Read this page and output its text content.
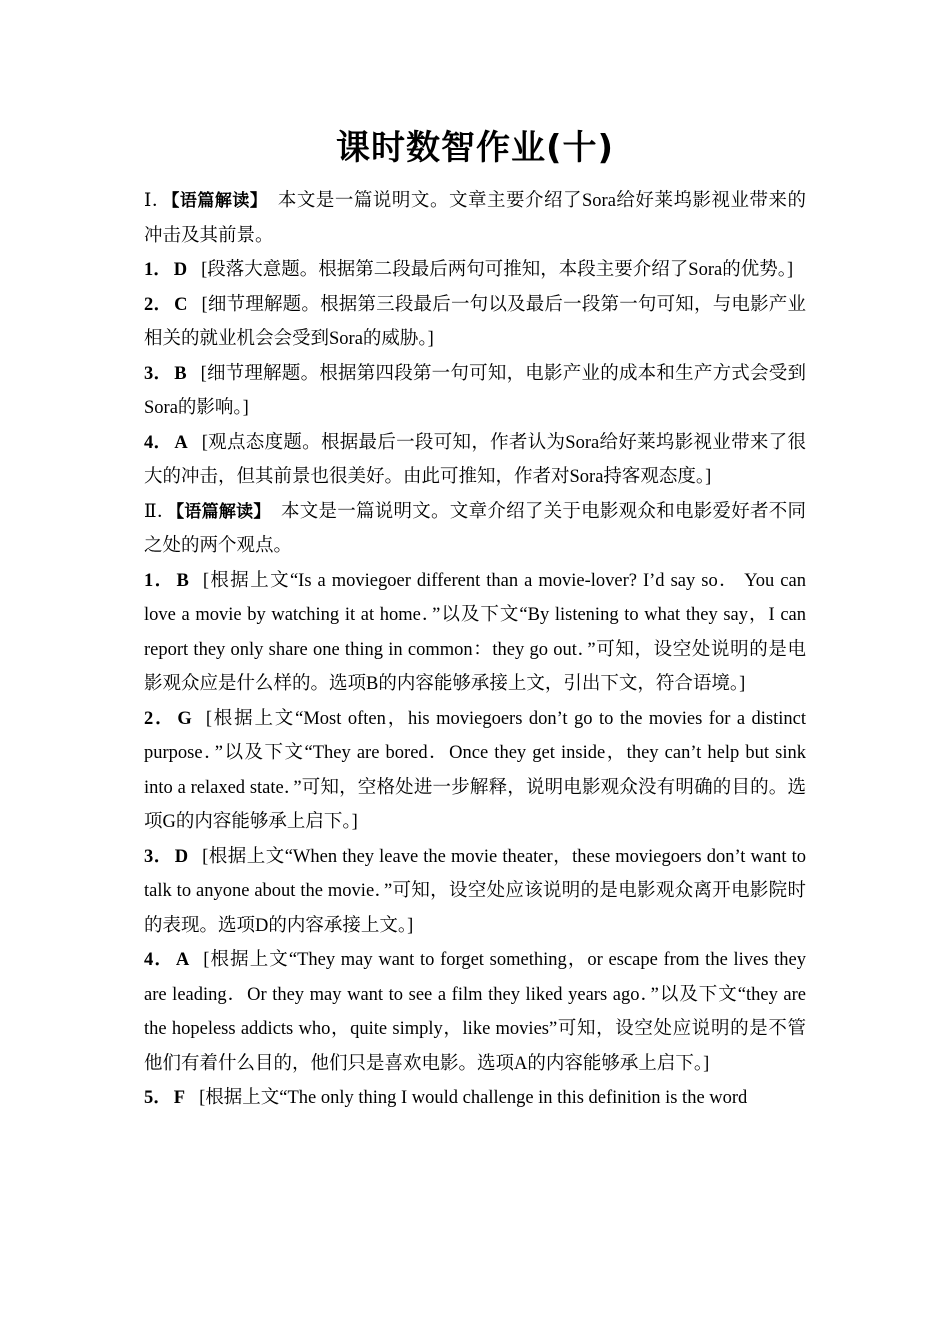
课时数智作业(十)

Ⅰ．【语篇解读】　本文是一篇说明文。文章主要介绍了Sora给好莱坞影视业带来的冲击及其前景。

1． D [段落大意题。根据第二段最后两句可推知，本段主要介绍了Sora的优势。]

2． C [细节理解题。根据第三段最后一句以及最后一段第一句可知，与电影产业相关的就业机会会受到Sora的威胁。]

3． B [细节理解题。根据第四段第一句可知，电影产业的成本和生产方式会受到Sora的影响。]

4． A [观点态度题。根据最后一段可知，作者认为Sora给好莱坞影视业带来了很大的冲击，但其前景也很美好。由此可推知，作者对Sora持客观态度。]

Ⅱ．【语篇解读】　本文是一篇说明文。文章介绍了关于电影观众和电影爱好者不同之处的两个观点。

1． B [根据上文“Is a moviegoer different than a movie-lover? I’d say so． You can love a movie by watching it at home．”以及下文“By listening to what they say，I can report they only share one thing in common：they go out．”可知，设空处说明的是电影观众应是什么样的。选项B的内容能够承接上文，引出下文，符合语境。]

2． G [根据上文“Most often，his moviegoers don’t go to the movies for a distinct purpose．”以及下文“They are bored．Once they get inside，they can’t help but sink into a relaxed state．”可知，空格处进一步解释，说明电影观众没有明确的目的。选项G的内容能够承上启下。]

3． D [根据上文“When they leave the movie theater，these moviegoers don’t want to talk to anyone about the movie．”可知，设空处应该说明的是电影观众离开电影院时的表现。选项D的内容承接上文。]

4． A [根据上文“They may want to forget something，or escape from the lives they are leading．Or they may want to see a film they liked years ago．”以及下文“they are the hopeless addicts who，quite simply，like movies”可知，设空处应说明的是不管他们有着什么目的，他们只是喜欢电影。选项A的内容能够承上启下。]

5． F [根据上文“The only thing I would challenge in this definition is the word
